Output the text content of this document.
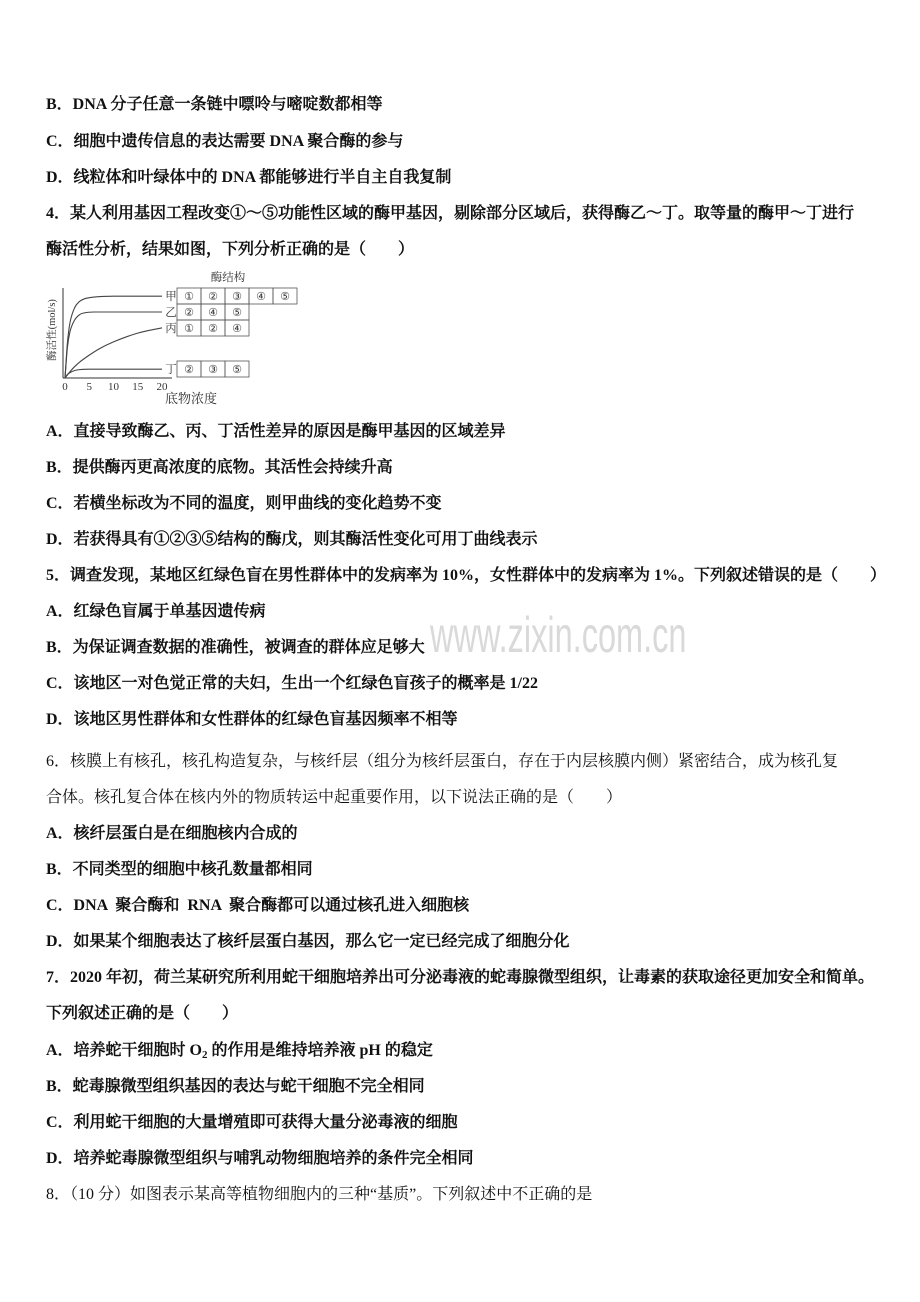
www.zixin.com.cn
B．DNA 分子任意一条链中嘌呤与嘧啶数都相等
C．细胞中遗传信息的表达需要 DNA 聚合酶的参与
D．线粒体和叶绿体中的 DNA 都能够进行半自主自我复制
4．某人利用基因工程改变①～⑤功能性区域的酶甲基因，剔除部分区域后，获得酶乙～丁。取等量的酶甲～丁进行
酶活性分析，结果如图，下列分析正确的是（　　）
酶活性(mol/s)
底物浓度
酶结构
0 5 10 15 20
甲 ① ② ③ ④ ⑤
乙 ② ④ ⑤
丙 ① ② ④
丁 ② ③ ⑤
A．直接导致酶乙、丙、丁活性差异的原因是酶甲基因的区域差异
B．提供酶丙更高浓度的底物。其活性会持续升高
C．若横坐标改为不同的温度，则甲曲线的变化趋势不变
D．若获得具有①②③⑤结构的酶戊，则其酶活性变化可用丁曲线表示
5．调查发现，某地区红绿色盲在男性群体中的发病率为 10%，女性群体中的发病率为 1%。下列叙述错误的是（　　）
A．红绿色盲属于单基因遗传病
B．为保证调查数据的准确性，被调查的群体应足够大
C．该地区一对色觉正常的夫妇，生出一个红绿色盲孩子的概率是 1/22
D．该地区男性群体和女性群体的红绿色盲基因频率不相等
6．核膜上有核孔，核孔构造复杂，与核纤层（组分为核纤层蛋白，存在于内层核膜内侧）紧密结合，成为核孔复
合体。核孔复合体在核内外的物质转运中起重要作用，以下说法正确的是（　　）
A．核纤层蛋白是在细胞核内合成的
B．不同类型的细胞中核孔数量都相同
C．DNA  聚合酶和  RNA  聚合酶都可以通过核孔进入细胞核
D．如果某个细胞表达了核纤层蛋白基因，那么它一定已经完成了细胞分化
7．2020 年初，荷兰某研究所利用蛇干细胞培养出可分泌毒液的蛇毒腺微型组织，让毒素的获取途径更加安全和简单。
下列叙述正确的是（　　）
A．培养蛇干细胞时 $O_2$ 的作用是维持培养液 pH 的稳定
B．蛇毒腺微型组织基因的表达与蛇干细胞不完全相同
C．利用蛇干细胞的大量增殖即可获得大量分泌毒液的细胞
D．培养蛇毒腺微型组织与哺乳动物细胞培养的条件完全相同
8．（10 分）如图表示某高等植物细胞内的三种“基质”。下列叙述中不正确的是
